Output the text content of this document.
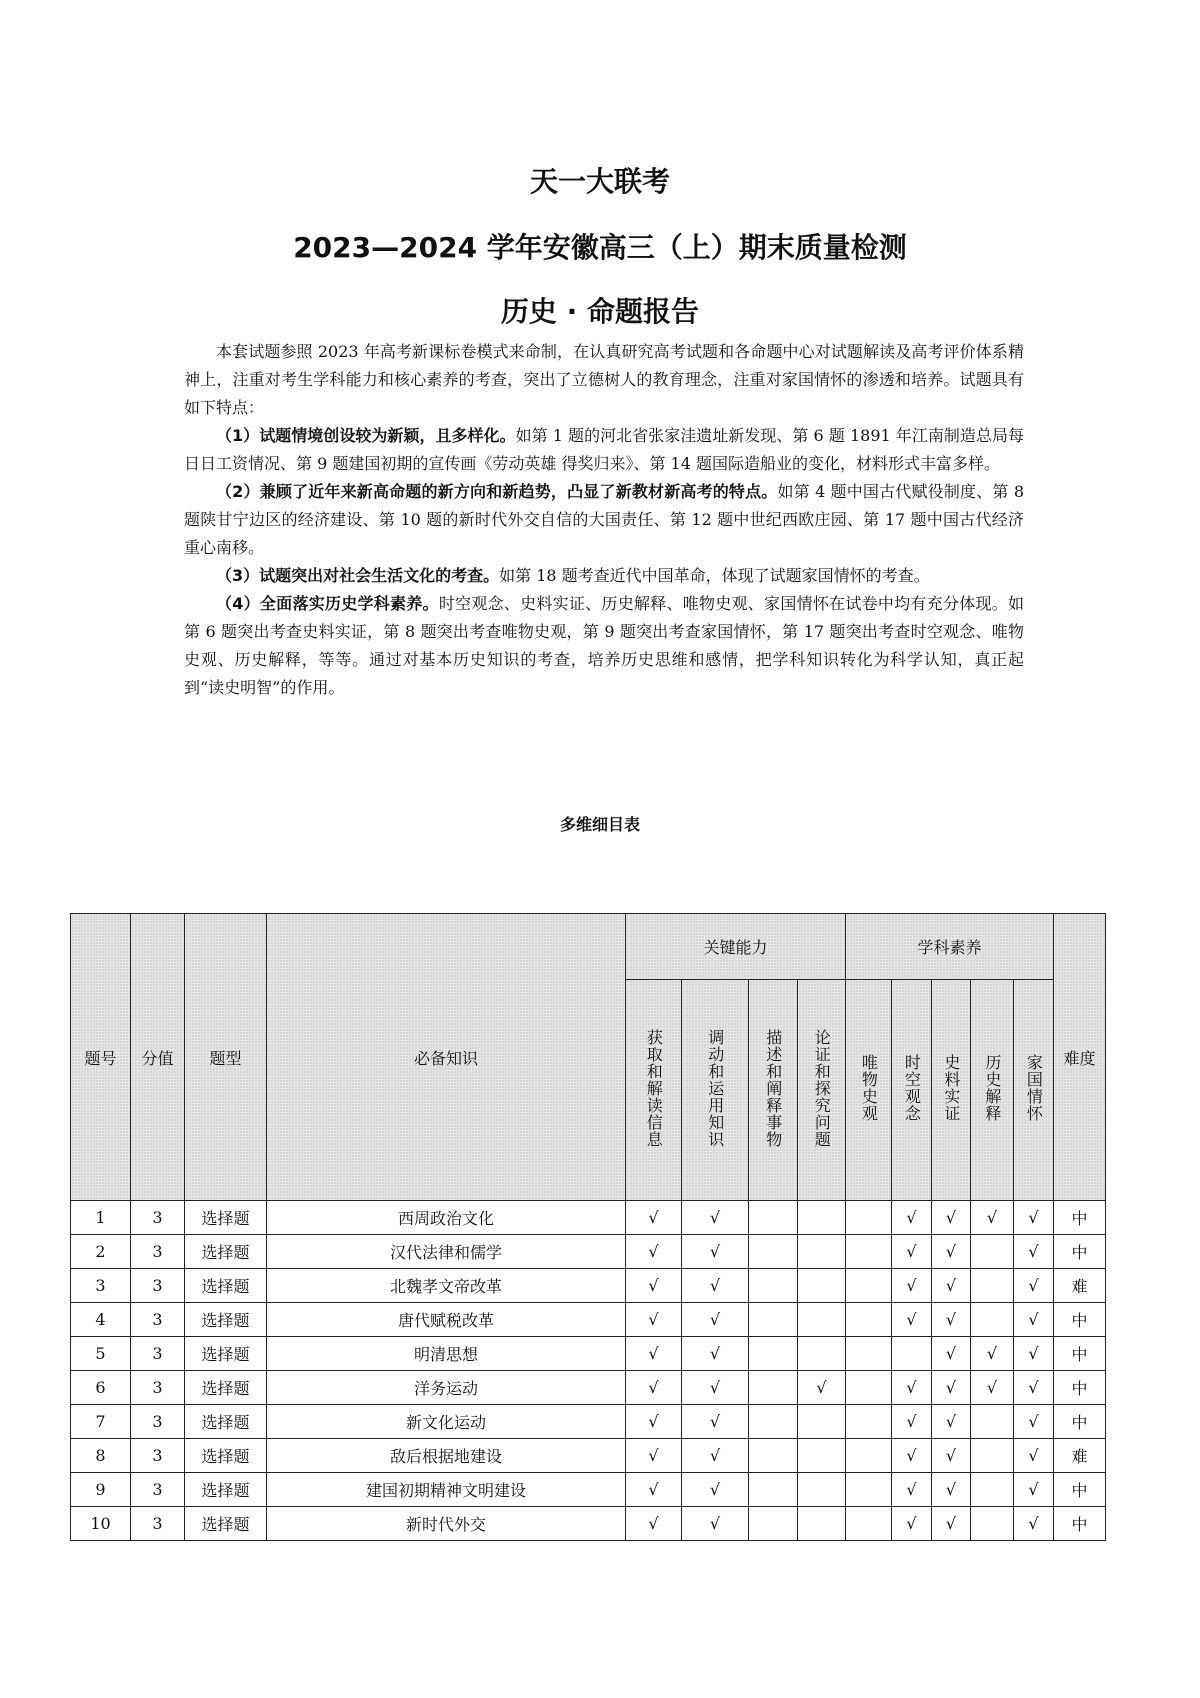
天一大联考
2023—2024 学年安徽高三（上）期末质量检测
历史 · 命题报告

本套试题参照 2023 年高考新课标卷模式来命制，在认真研究高考试题和各命题中心对试题解读及高考评价体系精神上，注重对考生学科能力和核心素养的考查，突出了立德树人的教育理念，注重对家国情怀的渗透和培养。试题具有如下特点：

（1）试题情境创设较为新颖，且多样化。如第 1 题的河北省张家洼遗址新发现、第 6 题 1891 年江南制造总局每日日工资情况、第 9 题建国初期的宣传画《劳动英雄 得奖归来》、第 14 题国际造船业的变化，材料形式丰富多样。

（2）兼顾了近年来新高命题的新方向和新趋势，凸显了新教材新高考的特点。如第 4 题中国古代赋役制度、第 8 题陕甘宁边区的经济建设、第 10 题的新时代外交自信的大国责任、第 12 题中世纪西欧庄园、第 17 题中国古代经济重心南移。

（3）试题突出对社会生活文化的考查。如第 18 题考查近代中国革命，体现了试题家国情怀的考查。

（4）全面落实历史学科素养。时空观念、史料实证、历史解释、唯物史观、家国情怀在试卷中均有充分体现。如第 6 题突出考查史料实证，第 8 题突出考查唯物史观，第 9 题突出考查家国情怀，第 17 题突出考查时空观念、唯物史观、历史解释，等等。通过对基本历史知识的考查，培养历史思维和感情，把学科知识转化为科学认知，真正起到“读史明智”的作用。

多维细目表
题号	分值	题型	必备知识	关键能力				学科素养					难度
				获取和解读信息	调动和运用知识	描述和阐释事物	论证和探究问题	唯物史观	时空观念	史料实证	历史解释	家国情怀	
1	3	选择题	西周政治文化	√	√				√	√	√	√	中
2	3	选择题	汉代法律和儒学	√	√				√	√		√	中
3	3	选择题	北魏孝文帝改革	√	√				√	√		√	难
4	3	选择题	唐代赋税改革	√	√				√	√		√	中
5	3	选择题	明清思想	√	√					√	√	√	中
6	3	选择题	洋务运动	√	√		√		√	√	√	√	中
7	3	选择题	新文化运动	√	√				√	√		√	中
8	3	选择题	敌后根据地建设	√	√				√	√		√	难
9	3	选择题	建国初期精神文明建设	√	√				√	√		√	中
10	3	选择题	新时代外交	√	√				√	√		√	中
